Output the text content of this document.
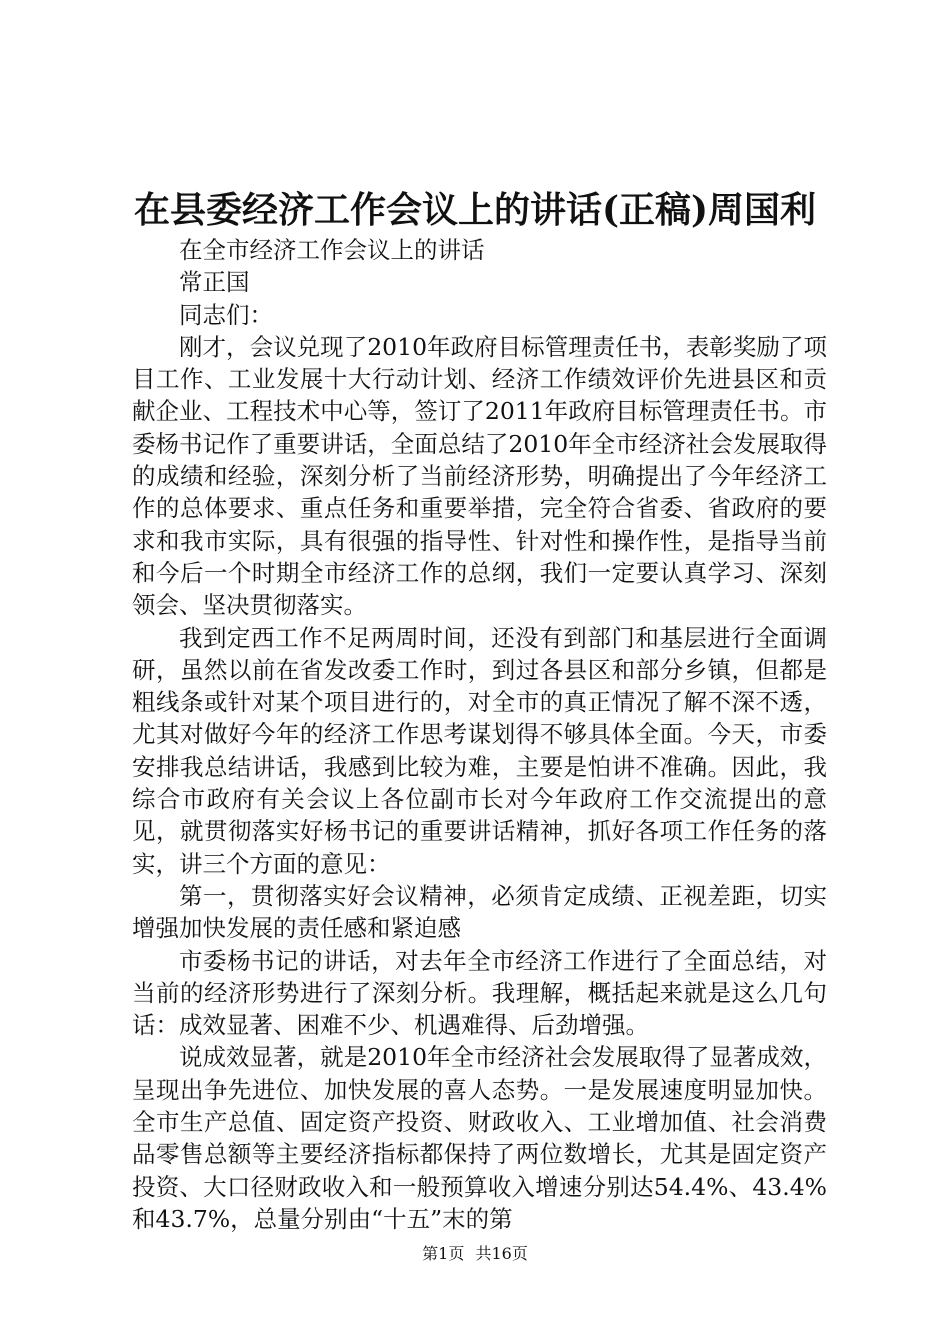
在县委经济工作会议上的讲话(正稿)周国利

在全市经济工作会议上的讲话

常正国

同志们：

刚才，会议兑现了2010年政府目标管理责任书，表彰奖励了项目工作、工业发展十大行动计划、经济工作绩效评价先进县区和贡献企业、工程技术中心等，签订了2011年政府目标管理责任书。市委杨书记作了重要讲话，全面总结了2010年全市经济社会发展取得的成绩和经验，深刻分析了当前经济形势，明确提出了今年经济工作的总体要求、重点任务和重要举措，完全符合省委、省政府的要求和我市实际，具有很强的指导性、针对性和操作性，是指导当前和今后一个时期全市经济工作的总纲，我们一定要认真学习、深刻领会、坚决贯彻落实。

我到定西工作不足两周时间，还没有到部门和基层进行全面调研，虽然以前在省发改委工作时，到过各县区和部分乡镇，但都是粗线条或针对某个项目进行的，对全市的真正情况了解不深不透，尤其对做好今年的经济工作思考谋划得不够具体全面。今天，市委安排我总结讲话，我感到比较为难，主要是怕讲不准确。因此，我综合市政府有关会议上各位副市长对今年政府工作交流提出的意见，就贯彻落实好杨书记的重要讲话精神，抓好各项工作任务的落实，讲三个方面的意见：

第一，贯彻落实好会议精神，必须肯定成绩、正视差距，切实增强加快发展的责任感和紧迫感

市委杨书记的讲话，对去年全市经济工作进行了全面总结，对当前的经济形势进行了深刻分析。我理解，概括起来就是这么几句话：成效显著、困难不少、机遇难得、后劲增强。

说成效显著，就是2010年全市经济社会发展取得了显著成效，呈现出争先进位、加快发展的喜人态势。一是发展速度明显加快。全市生产总值、固定资产投资、财政收入、工业增加值、社会消费品零售总额等主要经济指标都保持了两位数增长，尤其是固定资产投资、大口径财政收入和一般预算收入增速分别达54.4%、43.4%和43.7%，总量分别由“十五”末的第

第1页 共16页
